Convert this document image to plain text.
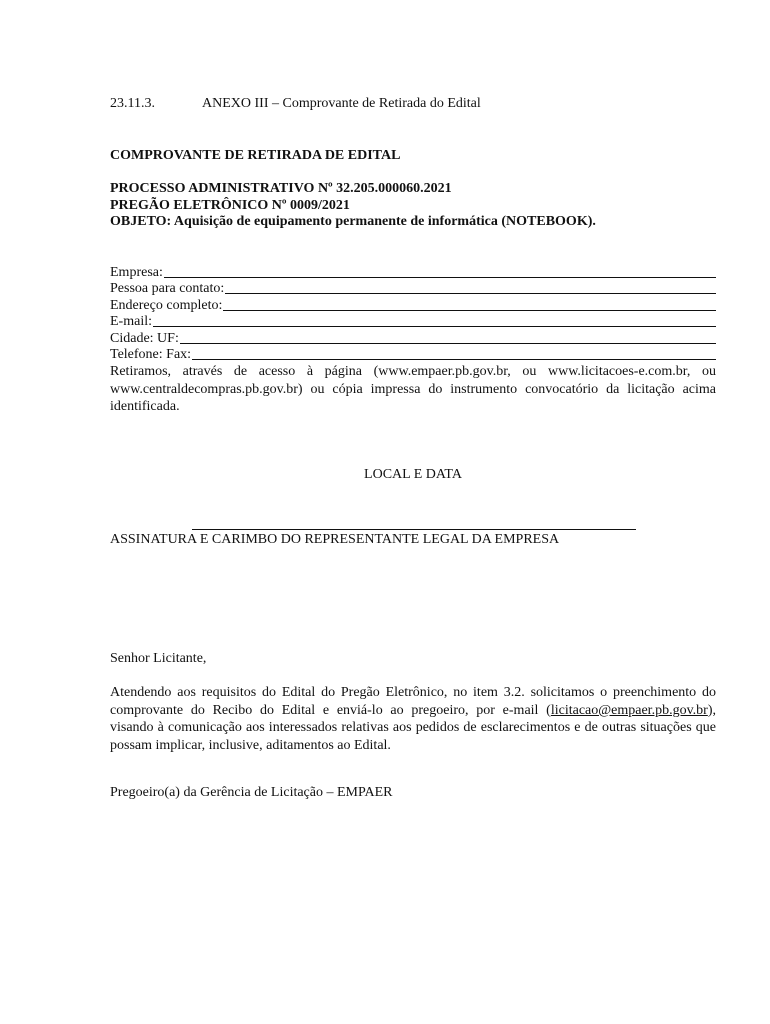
23.11.3.	ANEXO III – Comprovante de Retirada do Edital
COMPROVANTE DE RETIRADA DE EDITAL
PROCESSO ADMINISTRATIVO Nº 32.205.000060.2021
PREGÃO ELETRÔNICO Nº 0009/2021
OBJETO: Aquisição de equipamento permanente de informática (NOTEBOOK).
Empresa:
Pessoa para contato:
Endereço completo:
E-mail:
Cidade: UF:
Telefone: Fax:
Retiramos, através de acesso à página (www.empaer.pb.gov.br, ou www.licitacoes-e.com.br, ou www.centraldecompras.pb.gov.br) ou cópia impressa do instrumento convocatório da licitação acima identificada.
LOCAL E DATA
ASSINATURA E CARIMBO DO REPRESENTANTE LEGAL DA EMPRESA
Senhor Licitante,
Atendendo aos requisitos do Edital do Pregão Eletrônico, no item 3.2. solicitamos o preenchimento do comprovante do Recibo do Edital e enviá-lo ao pregoeiro, por e-mail (licitacao@empaer.pb.gov.br), visando à comunicação aos interessados relativas aos pedidos de esclarecimentos e de outras situações que possam implicar, inclusive, aditamentos ao Edital.
Pregoeiro(a) da Gerência de Licitação – EMPAER
